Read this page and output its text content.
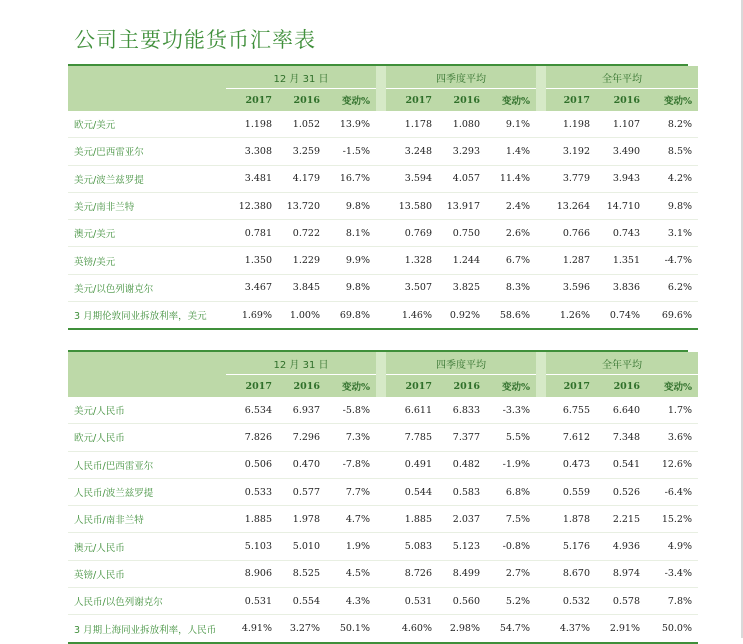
公司主要功能货币汇率表
	12 月 31 日				四季度平均				全年平均		
	2017	2016	变动%		2017	2016	变动%		2017	2016	变动%
欧元/美元	1.198	1.052	13.9%		1.178	1.080	9.1%		1.198	1.107	8.2%
美元/巴西雷亚尔	3.308	3.259	-1.5%		3.248	3.293	1.4%		3.192	3.490	8.5%
美元/波兰兹罗提	3.481	4.179	16.7%		3.594	4.057	11.4%		3.779	3.943	4.2%
美元/南非兰特	12.380	13.720	9.8%		13.580	13.917	2.4%		13.264	14.710	9.8%
澳元/美元	0.781	0.722	8.1%		0.769	0.750	2.6%		0.766	0.743	3.1%
英镑/美元	1.350	1.229	9.9%		1.328	1.244	6.7%		1.287	1.351	-4.7%
美元/以色列谢克尔	3.467	3.845	9.8%		3.507	3.825	8.3%		3.596	3.836	6.2%
3 月期伦敦同业拆放利率，美元	1.69%	1.00%	69.8%		1.46%	0.92%	58.6%		1.26%	0.74%	69.6%
	12 月 31 日				四季度平均				全年平均		
	2017	2016	变动%		2017	2016	变动%		2017	2016	变动%
美元/人民币	6.534	6.937	-5.8%		6.611	6.833	-3.3%		6.755	6.640	1.7%
欧元/人民币	7.826	7.296	7.3%		7.785	7.377	5.5%		7.612	7.348	3.6%
人民币/巴西雷亚尔	0.506	0.470	-7.8%		0.491	0.482	-1.9%		0.473	0.541	12.6%
人民币/波兰兹罗提	0.533	0.577	7.7%		0.544	0.583	6.8%		0.559	0.526	-6.4%
人民币/南非兰特	1.885	1.978	4.7%		1.885	2.037	7.5%		1.878	2.215	15.2%
澳元/人民币	5.103	5.010	1.9%		5.083	5.123	-0.8%		5.176	4.936	4.9%
英镑/人民币	8.906	8.525	4.5%		8.726	8.499	2.7%		8.670	8.974	-3.4%
人民币/以色列谢克尔	0.531	0.554	4.3%		0.531	0.560	5.2%		0.532	0.578	7.8%
3 月期上海同业拆放利率，人民币	4.91%	3.27%	50.1%		4.60%	2.98%	54.7%		4.37%	2.91%	50.0%
